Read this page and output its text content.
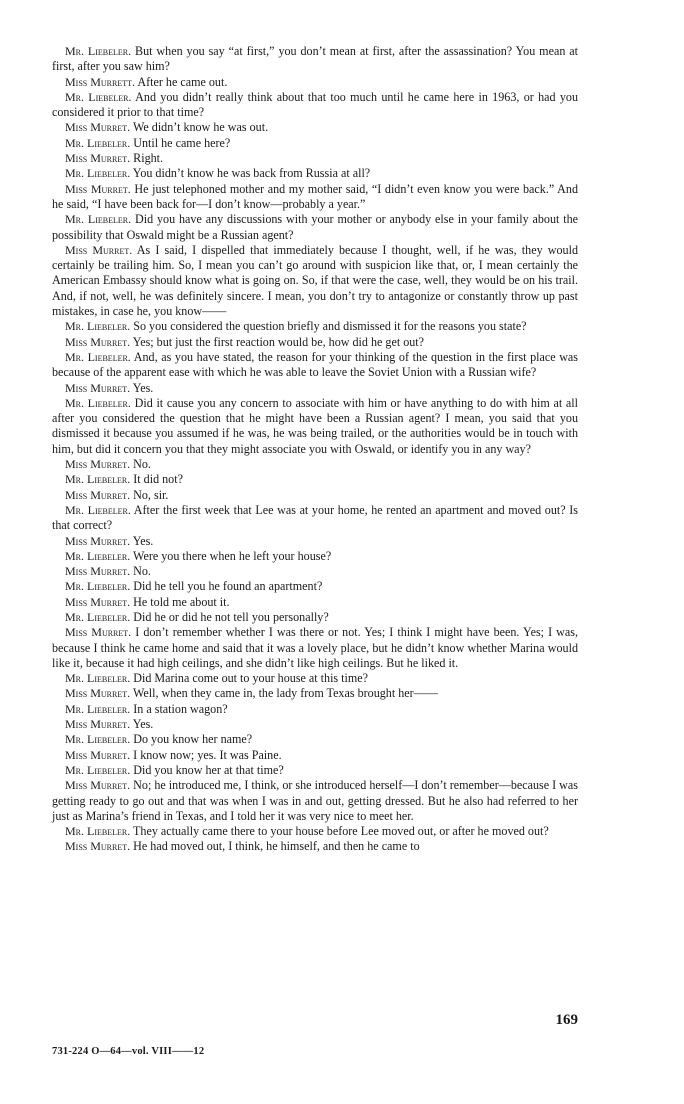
Mr. Liebeler. But when you say “at first,” you don’t mean at first, after the assassination? You mean at first, after you saw him?

Miss Murrett. After he came out.

Mr. Liebeler. And you didn’t really think about that too much until he came here in 1963, or had you considered it prior to that time?

Miss Murret. We didn’t know he was out.

Mr. Liebeler. Until he came here?

Miss Murret. Right.

Mr. Liebeler. You didn’t know he was back from Russia at all?

Miss Murret. He just telephoned mother and my mother said, “I didn’t even know you were back.” And he said, “I have been back for—I don’t know—probably a year.”

Mr. Liebeler. Did you have any discussions with your mother or anybody else in your family about the possibility that Oswald might be a Russian agent?

Miss Murret. As I said, I dispelled that immediately because I thought, well, if he was, they would certainly be trailing him. So, I mean you can’t go around with suspicion like that, or, I mean certainly the American Embassy should know what is going on. So, if that were the case, well, they would be on his trail. And, if not, well, he was definitely sincere. I mean, you don’t try to antagonize or constantly throw up past mistakes, in case he, you know——

Mr. Liebeler. So you considered the question briefly and dismissed it for the reasons you state?

Miss Murret. Yes; but just the first reaction would be, how did he get out?

Mr. Liebeler. And, as you have stated, the reason for your thinking of the question in the first place was because of the apparent ease with which he was able to leave the Soviet Union with a Russian wife?

Miss Murret. Yes.

Mr. Liebeler. Did it cause you any concern to associate with him or have anything to do with him at all after you considered the question that he might have been a Russian agent? I mean, you said that you dismissed it because you assumed if he was, he was being trailed, or the authorities would be in touch with him, but did it concern you that they might associate you with Oswald, or identify you in any way?

Miss Murret. No.

Mr. Liebeler. It did not?

Miss Murret. No, sir.

Mr. Liebeler. After the first week that Lee was at your home, he rented an apartment and moved out? Is that correct?

Miss Murret. Yes.

Mr. Liebeler. Were you there when he left your house?

Miss Murret. No.

Mr. Liebeler. Did he tell you he found an apartment?

Miss Murret. He told me about it.

Mr. Liebeler. Did he or did he not tell you personally?

Miss Murret. I don’t remember whether I was there or not. Yes; I think I might have been. Yes; I was, because I think he came home and said that it was a lovely place, but he didn’t know whether Marina would like it, because it had high ceilings, and she didn’t like high ceilings. But he liked it.

Mr. Liebeler. Did Marina come out to your house at this time?

Miss Murret. Well, when they came in, the lady from Texas brought her——

Mr. Liebeler. In a station wagon?

Miss Murret. Yes.

Mr. Liebeler. Do you know her name?

Miss Murret. I know now; yes. It was Paine.

Mr. Liebeler. Did you know her at that time?

Miss Murret. No; he introduced me, I think, or she introduced herself—I don’t remember—because I was getting ready to go out and that was when I was in and out, getting dressed. But he also had referred to her just as Marina’s friend in Texas, and I told her it was very nice to meet her.

Mr. Liebeler. They actually came there to your house before Lee moved out, or after he moved out?

Miss Murret. He had moved out, I think, he himself, and then he came to

169
731-224 O—64—vol. VIII——12
